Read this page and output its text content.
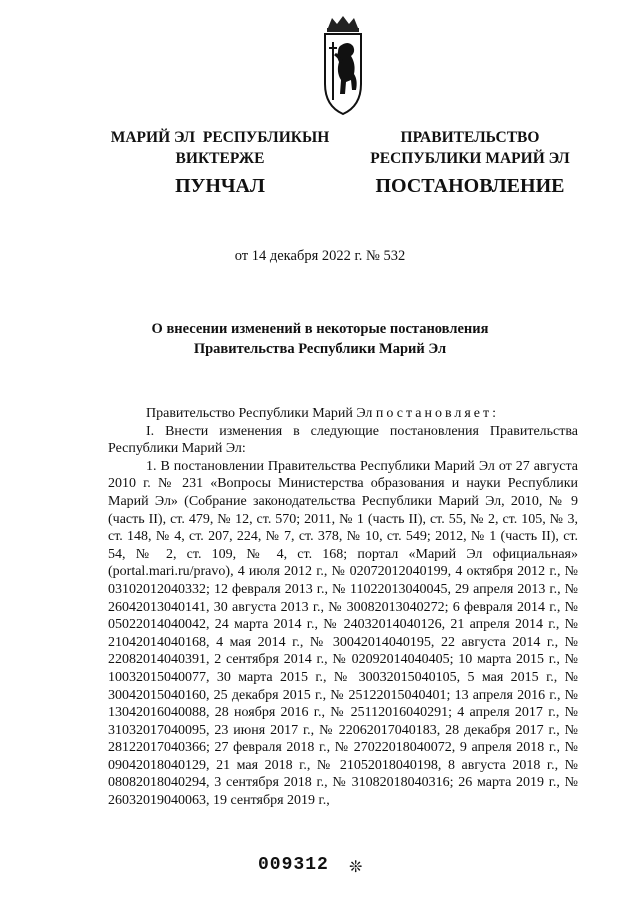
МАРИЙ ЭЛ  РЕСПУБЛИКЫН
ВИКТЕРЖЕ
ПРАВИТЕЛЬСТВО
РЕСПУБЛИКИ МАРИЙ ЭЛ
ПУНЧАЛ	ПОСТАНОВЛЕНИЕ
от 14 декабря 2022 г. № 532
О внесении изменений в некоторые постановления
Правительства Республики Марий Эл

Правительство Республики Марий Эл постановляет:

I. Внести изменения в следующие постановления Правительства Республики Марий Эл:

1. В постановлении Правительства Республики Марий Эл от 27 августа 2010 г. № 231 «Вопросы Министерства образования и науки Республики Марий Эл» (Собрание законодательства Республики Марий Эл, 2010, № 9 (часть II), ст. 479, № 12, ст. 570; 2011, № 1 (часть II), ст. 55, № 2, ст. 105, № 3, ст. 148, № 4, ст. 207, 224, № 7, ст. 378, № 10, ст. 549; 2012, № 1 (часть II), ст. 54, № 2, ст. 109, № 4, ст. 168; портал «Марий Эл официальная» (portal.mari.ru/pravo), 4 июля 2012 г., № 02072012040199, 4 октября 2012 г., № 03102012040332; 12 февраля 2013 г., № 11022013040045, 29 апреля 2013 г., № 26042013040141, 30 августа 2013 г., № 30082013040272; 6 февраля 2014 г., № 05022014040042, 24 марта 2014 г., № 24032014040126, 21 апреля 2014 г., № 21042014040168, 4 мая 2014 г., № 30042014040195, 22 августа 2014 г., № 22082014040391, 2 сентября 2014 г., № 02092014040405; 10 марта 2015 г., № 10032015040077, 30 марта 2015 г., № 30032015040105, 5 мая 2015 г., № 30042015040160, 25 декабря 2015 г., № 25122015040401; 13 апреля 2016 г., № 13042016040088, 28 ноября 2016 г., № 25112016040291; 4 апреля 2017 г., № 31032017040095, 23 июня 2017 г., № 22062017040183, 28 декабря 2017 г., № 28122017040366; 27 февраля 2018 г., № 27022018040072, 9 апреля 2018 г., № 09042018040129, 21 мая 2018 г., № 21052018040198, 8 августа 2018 г., № 08082018040294, 3 сентября 2018 г., № 31082018040316; 26 марта 2019 г., № 26032019040063, 19 сентября 2019 г.,

009312 ❊
